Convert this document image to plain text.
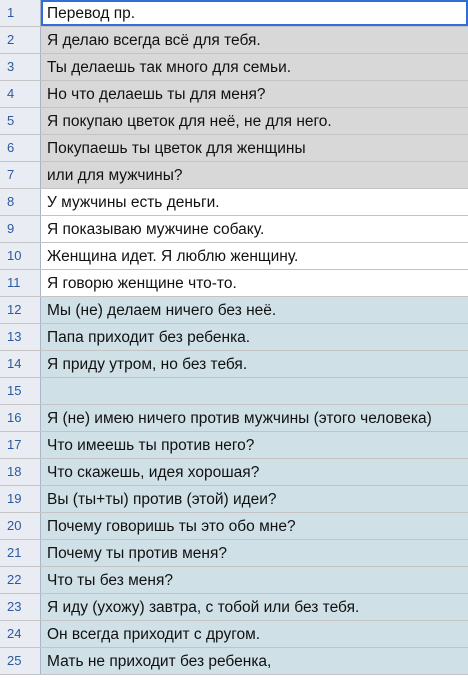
1	Перевод пр.
2	Я делаю всегда всё для тебя.
3	Ты делаешь так много для семьи.
4	Но что делаешь ты для меня?
5	Я покупаю цветок для неё, не для него.
6	Покупаешь ты цветок для женщины
7	или для мужчины?
8	У мужчины есть деньги.
9	Я показываю мужчине собаку.
10	Женщина идет. Я люблю женщину.
11	Я говорю женщине что-то.
12	Мы (не) делаем ничего без неё.
13	Папа приходит без ребенка.
14	Я приду утром, но без тебя.
15
16	Я (не) имею ничего против мужчины (этого человека)
17	Что имеешь ты против него?
18	Что скажешь, идея хорошая?
19	Вы (ты+ты) против (этой) идеи?
20	Почему говоришь ты это обо мне?
21	Почему ты против меня?
22	Что ты без меня?
23	Я иду (ухожу) завтра, с тобой или без тебя.
24	Он всегда приходит с другом.
25	Мать не приходит без ребенка,
